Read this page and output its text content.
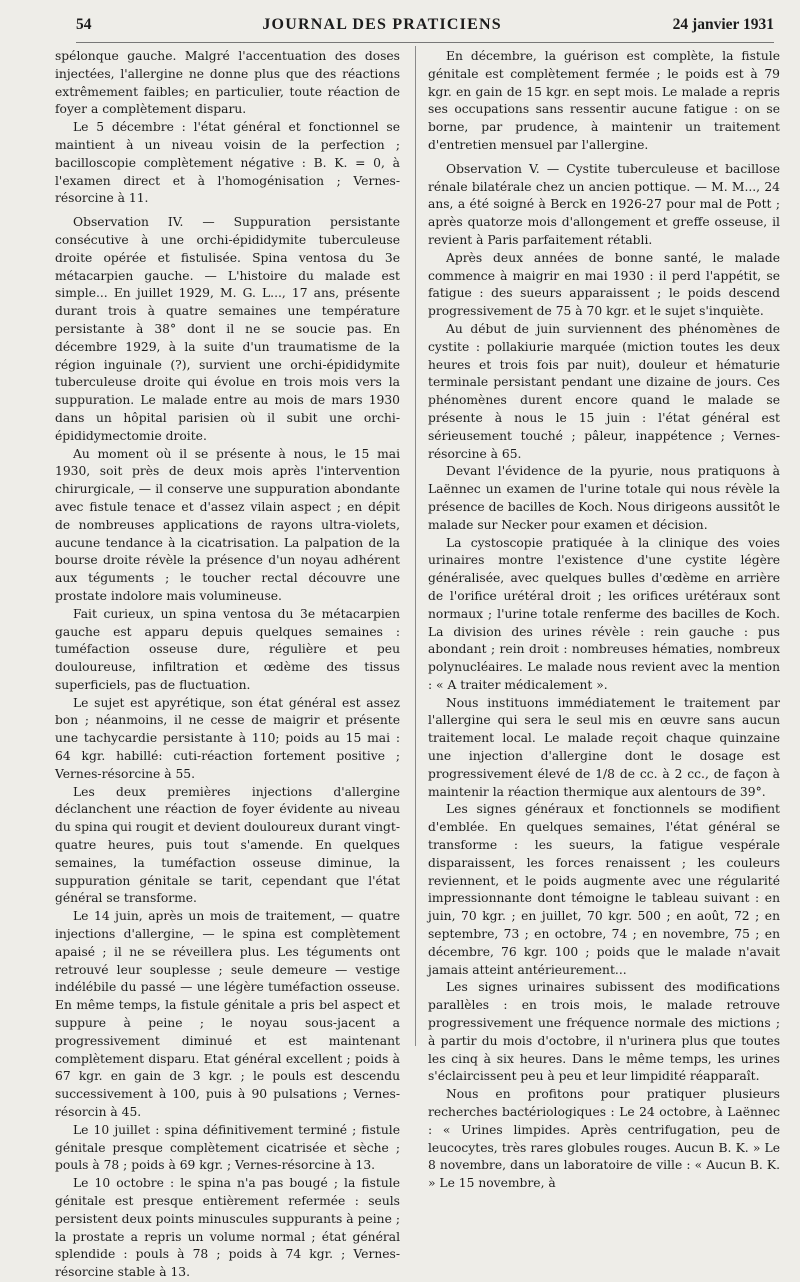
54	JOURNAL DES PRATICIENS	24 janvier 1931

spélonque gauche. Malgré l'accentuation des doses injectées, l'allergine ne donne plus que des réactions extrêmement faibles; en particulier, toute réaction de foyer a complètement disparu.

Le 5 décembre : l'état général et fonctionnel se maintient à un niveau voisin de la perfection ; bacilloscopie complètement négative : B. K. = 0, à l'examen direct et à l'homogénisation ; Vernes-résorcine à 11.

Observation IV. — Suppuration persistante consécutive à une orchi-épididymite tuberculeuse droite opérée et fistulisée. Spina ventosa du 3e métacarpien gauche. — L'histoire du malade est simple... En juillet 1929, M. G. L..., 17 ans, présente durant trois à quatre semaines une température persistante à 38° dont il ne se soucie pas. En décembre 1929, à la suite d'un traumatisme de la région inguinale (?), survient une orchi-épididymite tuberculeuse droite qui évolue en trois mois vers la suppuration. Le malade entre au mois de mars 1930 dans un hôpital parisien où il subit une orchi-épididymectomie droite.

Au moment où il se présente à nous, le 15 mai 1930, soit près de deux mois après l'intervention chirurgicale, — il conserve une suppuration abondante avec fistule tenace et d'assez vilain aspect ; en dépit de nombreuses applications de rayons ultra-violets, aucune tendance à la cicatrisation. La palpation de la bourse droite révèle la présence d'un noyau adhérent aux téguments ; le toucher rectal découvre une prostate indolore mais volumineuse.

Fait curieux, un spina ventosa du 3e métacarpien gauche est apparu depuis quelques semaines : tuméfaction osseuse dure, régulière et peu douloureuse, infiltration et œdème des tissus superficiels, pas de fluctuation.

Le sujet est apyrétique, son état général est assez bon ; néanmoins, il ne cesse de maigrir et présente une tachycardie persistante à 110; poids au 15 mai : 64 kgr. habillé: cuti-réaction fortement positive ; Vernes-résorcine à 55.

Les deux premières injections d'allergine déclanchent une réaction de foyer évidente au niveau du spina qui rougit et devient douloureux durant vingt-quatre heures, puis tout s'amende. En quelques semaines, la tuméfaction osseuse diminue, la suppuration génitale se tarit, cependant que l'état général se transforme.

Le 14 juin, après un mois de traitement, — quatre injections d'allergine, — le spina est complètement apaisé ; il ne se réveillera plus. Les téguments ont retrouvé leur souplesse ; seule demeure — vestige indélébile du passé — une légère tuméfaction osseuse. En même temps, la fistule génitale a pris bel aspect et suppure à peine ; le noyau sous-jacent a progressivement diminué et est maintenant complètement disparu. Etat général excellent ; poids à 67 kgr. en gain de 3 kgr. ; le pouls est descendu successivement à 100, puis à 90 pulsations ; Vernes-résorcin à 45.

Le 10 juillet : spina définitivement terminé ; fistule génitale presque complètement cicatrisée et sèche ; pouls à 78 ; poids à 69 kgr. ; Vernes-résorcine à 13.

Le 10 octobre : le spina n'a pas bougé ; la fistule génitale est presque entièrement refermée : seuls persistent deux points minuscules suppurants à peine ; la prostate a repris un volume normal ; état général splendide : pouls à 78 ; poids à 74 kgr. ; Vernes-résorcine stable à 13.

En décembre, la guérison est complète, la fistule génitale est complètement fermée ; le poids est à 79 kgr. en gain de 15 kgr. en sept mois. Le malade a repris ses occupations sans ressentir aucune fatigue : on se borne, par prudence, à maintenir un traitement d'entretien mensuel par l'allergine.

Observation V. — Cystite tuberculeuse et bacillose rénale bilatérale chez un ancien pottique. — M. M..., 24 ans, a été soigné à Berck en 1926-27 pour mal de Pott ; après quatorze mois d'allongement et greffe osseuse, il revient à Paris parfaitement rétabli.

Après deux années de bonne santé, le malade commence à maigrir en mai 1930 : il perd l'appétit, se fatigue : des sueurs apparaissent ; le poids descend progressivement de 75 à 70 kgr. et le sujet s'inquiète.

Au début de juin surviennent des phénomènes de cystite : pollakiurie marquée (miction toutes les deux heures et trois fois par nuit), douleur et hématurie terminale persistant pendant une dizaine de jours. Ces phénomènes durent encore quand le malade se présente à nous le 15 juin : l'état général est sérieusement touché ; pâleur, inappétence ; Vernes-résorcine à 65.

Devant l'évidence de la pyurie, nous pratiquons à Laënnec un examen de l'urine totale qui nous révèle la présence de bacilles de Koch. Nous dirigeons aussitôt le malade sur Necker pour examen et décision.

La cystoscopie pratiquée à la clinique des voies urinaires montre l'existence d'une cystite légère généralisée, avec quelques bulles d'œdème en arrière de l'orifice urétéral droit ; les orifices urétéraux sont normaux ; l'urine totale renferme des bacilles de Koch. La division des urines révèle : rein gauche : pus abondant ; rein droit : nombreuses hématies, nombreux polynucléaires. Le malade nous revient avec la mention : « A traiter médicalement ».

Nous instituons immédiatement le traitement par l'allergine qui sera le seul mis en œuvre sans aucun traitement local. Le malade reçoit chaque quinzaine une injection d'allergine dont le dosage est progressivement élevé de 1/8 de cc. à 2 cc., de façon à maintenir la réaction thermique aux alentours de 39°.

Les signes généraux et fonctionnels se modifient d'emblée. En quelques semaines, l'état général se transforme : les sueurs, la fatigue vespérale disparaissent, les forces renaissent ; les couleurs reviennent, et le poids augmente avec une régularité impressionnante dont témoigne le tableau suivant : en juin, 70 kgr. ; en juillet, 70 kgr. 500 ; en août, 72 ; en septembre, 73 ; en octobre, 74 ; en novembre, 75 ; en décembre, 76 kgr. 100 ; poids que le malade n'avait jamais atteint antérieurement...

Les signes urinaires subissent des modifications parallèles : en trois mois, le malade retrouve progressivement une fréquence normale des mictions ; à partir du mois d'octobre, il n'urinera plus que toutes les cinq à six heures. Dans le même temps, les urines s'éclaircissent peu à peu et leur limpidité réapparaît.

Nous en profitons pour pratiquer plusieurs recherches bactériologiques : Le 24 octobre, à Laënnec : « Urines limpides. Après centrifugation, peu de leucocytes, très rares globules rouges. Aucun B. K. » Le 8 novembre, dans un laboratoire de ville : « Aucun B. K. » Le 15 novembre, à
